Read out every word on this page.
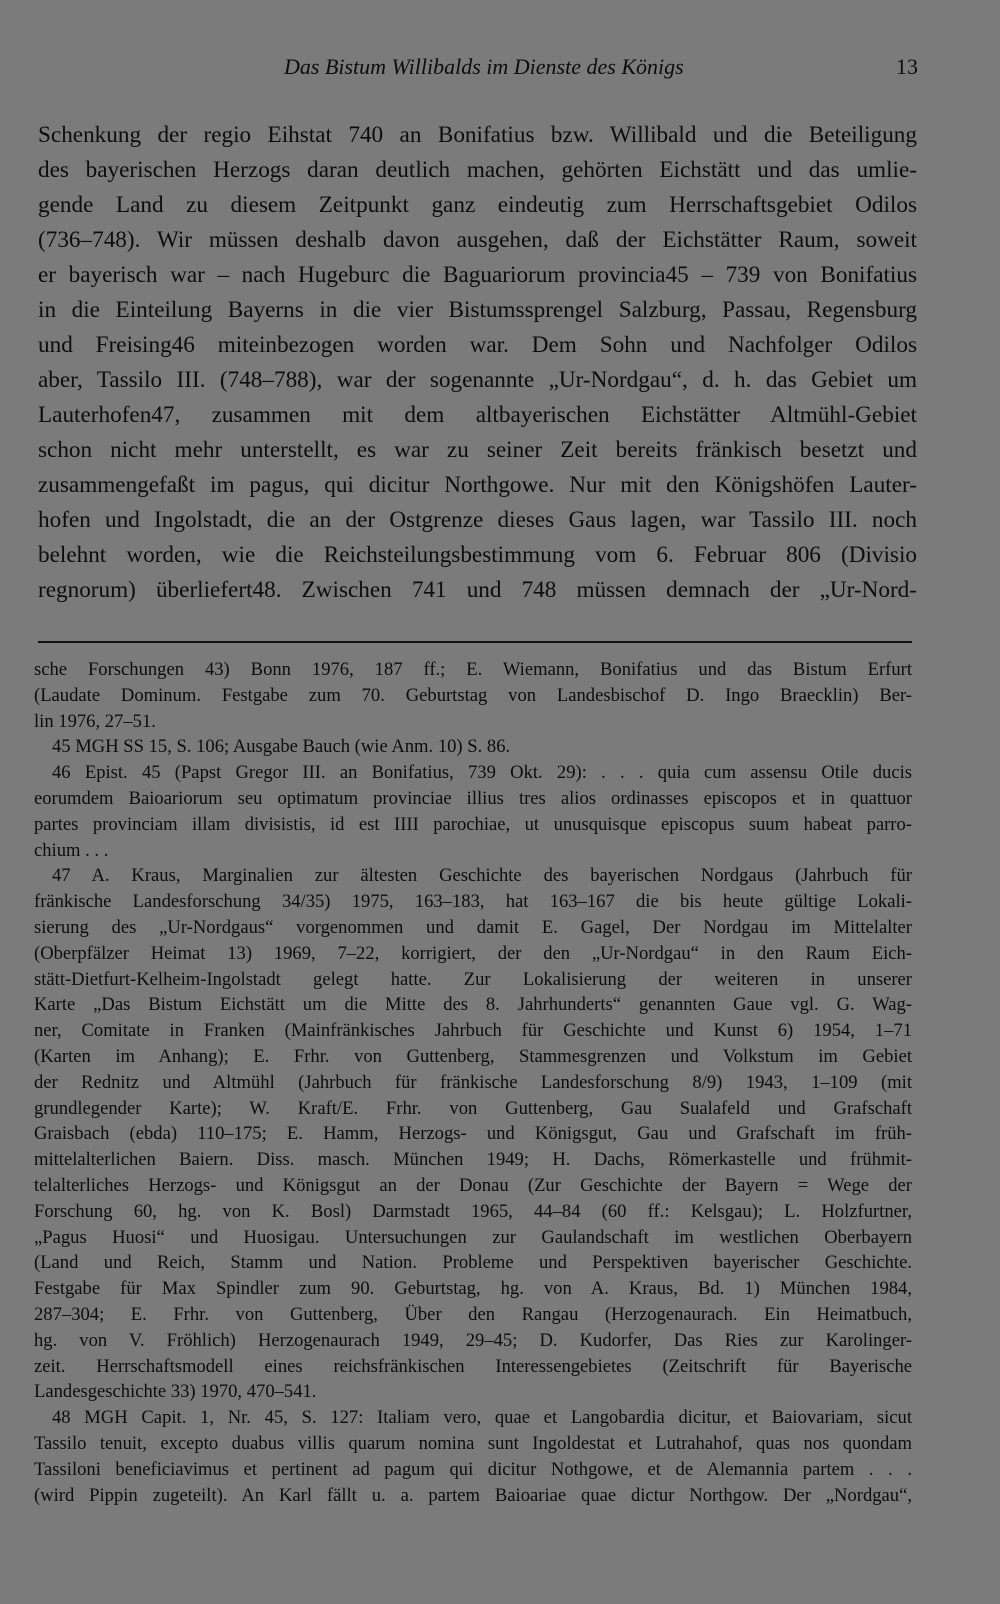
Das Bistum Willibalds im Dienste des Königs	13
Schenkung der regio Eihstat 740 an Bonifatius bzw. Willibald und die Beteiligung
des bayerischen Herzogs daran deutlich machen, gehörten Eichstätt und das umlie-
gende Land zu diesem Zeitpunkt ganz eindeutig zum Herrschaftsgebiet Odilos
(736–748). Wir müssen deshalb davon ausgehen, daß der Eichstätter Raum, soweit
er bayerisch war – nach Hugeburc die Baguariorum provincia45 – 739 von Bonifatius
in die Einteilung Bayerns in die vier Bistumssprengel Salzburg, Passau, Regensburg
und Freising46 miteinbezogen worden war. Dem Sohn und Nachfolger Odilos
aber, Tassilo III. (748–788), war der sogenannte „Ur-Nordgau“, d. h. das Gebiet um
Lauterhofen47, zusammen mit dem altbayerischen Eichstätter Altmühl-Gebiet
schon nicht mehr unterstellt, es war zu seiner Zeit bereits fränkisch besetzt und
zusammengefaßt im pagus, qui dicitur Northgowe. Nur mit den Königshöfen Lauter-
hofen und Ingolstadt, die an der Ostgrenze dieses Gaus lagen, war Tassilo III. noch
belehnt worden, wie die Reichsteilungsbestimmung vom 6. Februar 806 (Divisio
regnorum) überliefert48. Zwischen 741 und 748 müssen demnach der „Ur-Nord-
sche Forschungen 43) Bonn 1976, 187 ff.; E. Wiemann, Bonifatius und das Bistum Erfurt
(Laudate Dominum. Festgabe zum 70. Geburtstag von Landesbischof D. Ingo Braecklin) Ber-
lin 1976, 27–51.
45 MGH SS 15, S. 106; Ausgabe Bauch (wie Anm. 10) S. 86.
46 Epist. 45 (Papst Gregor III. an Bonifatius, 739 Okt. 29): . . . quia cum assensu Otile ducis
eorumdem Baioariorum seu optimatum provinciae illius tres alios ordinasses episcopos et in quattuor
partes provinciam illam divisistis, id est IIII parochiae, ut unusquisque episcopus suum habeat parro-
chium . . .
47 A. Kraus, Marginalien zur ältesten Geschichte des bayerischen Nordgaus (Jahrbuch für
fränkische Landesforschung 34/35) 1975, 163–183, hat 163–167 die bis heute gültige Lokali-
sierung des „Ur-Nordgaus“ vorgenommen und damit E. Gagel, Der Nordgau im Mittelalter
(Oberpfälzer Heimat 13) 1969, 7–22, korrigiert, der den „Ur-Nordgau“ in den Raum Eich-
stätt-Dietfurt-Kelheim-Ingolstadt gelegt hatte. Zur Lokalisierung der weiteren in unserer
Karte „Das Bistum Eichstätt um die Mitte des 8. Jahrhunderts“ genannten Gaue vgl. G. Wag-
ner, Comitate in Franken (Mainfränkisches Jahrbuch für Geschichte und Kunst 6) 1954, 1–71
(Karten im Anhang); E. Frhr. von Guttenberg, Stammesgrenzen und Volkstum im Gebiet
der Rednitz und Altmühl (Jahrbuch für fränkische Landesforschung 8/9) 1943, 1–109 (mit
grundlegender Karte); W. Kraft/E. Frhr. von Guttenberg, Gau Sualafeld und Grafschaft
Graisbach (ebda) 110–175; E. Hamm, Herzogs- und Königsgut, Gau und Grafschaft im früh-
mittelalterlichen Baiern. Diss. masch. München 1949; H. Dachs, Römerkastelle und frühmit-
telalterliches Herzogs- und Königsgut an der Donau (Zur Geschichte der Bayern = Wege der
Forschung 60, hg. von K. Bosl) Darmstadt 1965, 44–84 (60 ff.: Kelsgau); L. Holzfurtner,
„Pagus Huosi“ und Huosigau. Untersuchungen zur Gaulandschaft im westlichen Oberbayern
(Land und Reich, Stamm und Nation. Probleme und Perspektiven bayerischer Geschichte.
Festgabe für Max Spindler zum 90. Geburtstag, hg. von A. Kraus, Bd. 1) München 1984,
287–304; E. Frhr. von Guttenberg, Über den Rangau (Herzogenaurach. Ein Heimatbuch,
hg. von V. Fröhlich) Herzogenaurach 1949, 29–45; D. Kudorfer, Das Ries zur Karolinger-
zeit. Herrschaftsmodell eines reichsfränkischen Interessengebietes (Zeitschrift für Bayerische
Landesgeschichte 33) 1970, 470–541.
48 MGH Capit. 1, Nr. 45, S. 127: Italiam vero, quae et Langobardia dicitur, et Baiovariam, sicut
Tassilo tenuit, excepto duabus villis quarum nomina sunt Ingoldestat et Lutrahahof, quas nos quondam
Tassiloni beneficiavimus et pertinent ad pagum qui dicitur Nothgowe, et de Alemannia partem . . .
(wird Pippin zugeteilt). An Karl fällt u. a. partem Baioariae quae dictur Northgow. Der „Nordgau“,
